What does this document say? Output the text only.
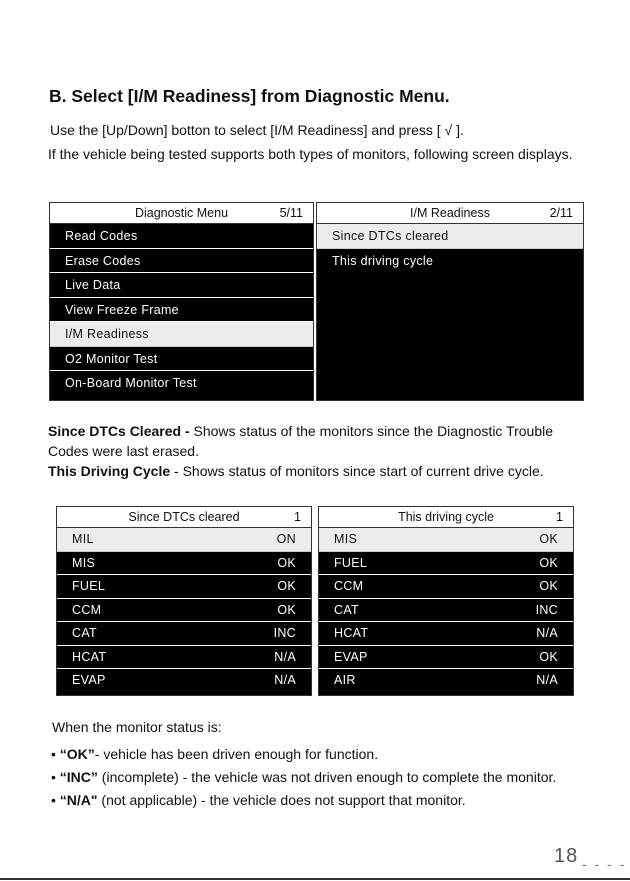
B. Select [I/M Readiness] from Diagnostic Menu.

Use the [Up/Down] botton to select [I/M Readiness] and press [ √ ].

If the vehicle being tested supports both types of monitors, following screen displays.

Diagnostic Menu	5/11
Read Codes
Erase Codes
Live Data
View Freeze Frame
I/M Readiness
O2 Monitor Test
On-Board Monitor Test
I/M Readiness	2/11
Since DTCs cleared
This driving cycle

Since DTCs Cleared - Shows status of the monitors since the Diagnostic Trouble Codes were last erased.

This Driving Cycle - Shows status of monitors since start of current drive cycle.

Since DTCs cleared	1
MIL	ON
MIS	OK
FUEL	OK
CCM	OK
CAT	INC
HCAT	N/A
EVAP	N/A
This driving cycle	1
MIS	OK
FUEL	OK
CCM	OK
CAT	INC
HCAT	N/A
EVAP	OK
AIR	N/A

When the monitor status is:

• “OK”- vehicle has been driven enough for function.
• “INC” (incomplete) - the vehicle was not driven enough to complete the monitor.
• “N/A" (not applicable) - the vehicle does not support that monitor.
18 - - - -
